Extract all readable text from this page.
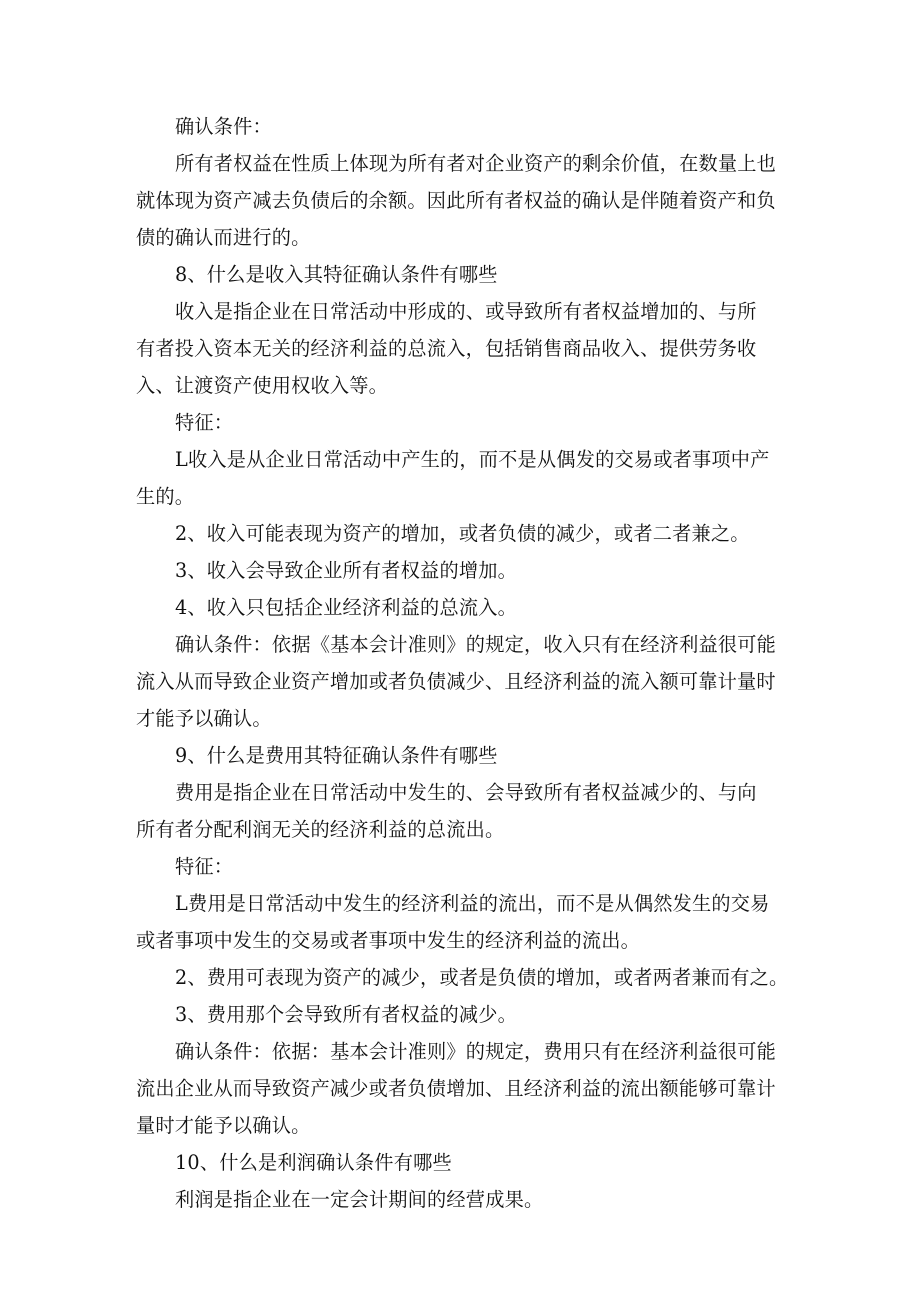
确认条件：
所有者权益在性质上体现为所有者对企业资产的剩余价值，在数量上也
就体现为资产减去负债后的余额。因此所有者权益的确认是伴随着资产和负
债的确认而进行的。
8、什么是收入其特征确认条件有哪些
收入是指企业在日常活动中形成的、或导致所有者权益增加的、与所
有者投入资本无关的经济利益的总流入，包括销售商品收入、提供劳务收
入、让渡资产使用权收入等。
特征：
L收入是从企业日常活动中产生的，而不是从偶发的交易或者事项中产
生的。
2、收入可能表现为资产的增加，或者负债的减少，或者二者兼之。
3、收入会导致企业所有者权益的增加。
4、收入只包括企业经济利益的总流入。
确认条件：依据《基本会计准则》的规定，收入只有在经济利益很可能
流入从而导致企业资产增加或者负债减少、且经济利益的流入额可靠计量时
才能予以确认。
9、什么是费用其特征确认条件有哪些
费用是指企业在日常活动中发生的、会导致所有者权益减少的、与向
所有者分配利润无关的经济利益的总流出。
特征：
L费用是日常活动中发生的经济利益的流出，而不是从偶然发生的交易
或者事项中发生的交易或者事项中发生的经济利益的流出。
2、费用可表现为资产的减少，或者是负债的增加，或者两者兼而有之。
3、费用那个会导致所有者权益的减少。
确认条件：依据：基本会计准则》的规定，费用只有在经济利益很可能
流出企业从而导致资产减少或者负债增加、且经济利益的流出额能够可靠计
量时才能予以确认。
10、什么是利润确认条件有哪些
利润是指企业在一定会计期间的经营成果。
